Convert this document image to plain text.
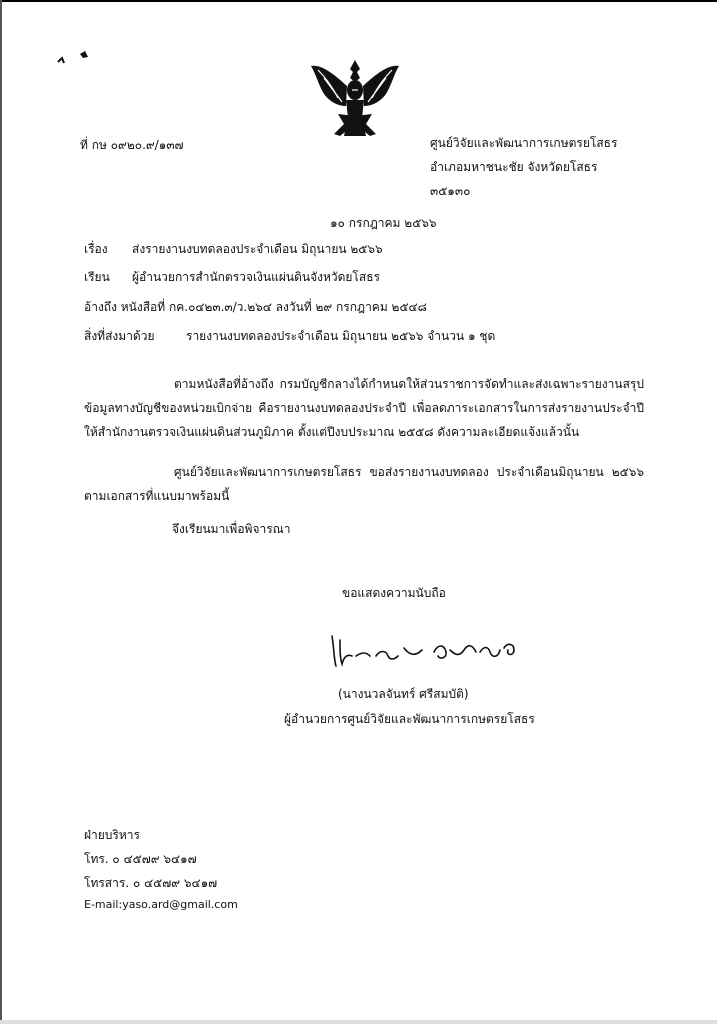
ที่ กษ ๐๙๒๐.๙/๑๓๗	ศูนย์วิจัยและพัฒนาการเกษตรยโสธร
อำเภอมหาชนะชัย จังหวัดยโสธร
๓๕๑๓๐
๑๐ กรกฎาคม ๒๕๖๖
เรื่อง ส่งรายงานงบทดลองประจำเดือน มิถุนายน ๒๕๖๖
เรียน ผู้อำนวยการสำนักตรวจเงินแผ่นดินจังหวัดยโสธร
อ้างถึง หนังสือที่ กค.๐๔๒๓.๓/ว.๒๖๔ ลงวันที่ ๒๙ กรกฎาคม ๒๕๔๘
สิ่งที่ส่งมาด้วย	รายงานงบทดลองประจำเดือน มิถุนายน ๒๕๖๖ จำนวน ๑ ชุด

ตามหนังสือที่อ้างถึง กรมบัญชีกลางได้กำหนดให้ส่วนราชการจัดทำและส่งเฉพาะรายงานสรุปข้อมูลทางบัญชีของหน่วยเบิกจ่าย คือรายงานงบทดลองประจำปี เพื่อลดภาระเอกสารในการส่งรายงานประจำปีให้สำนักงานตรวจเงินแผ่นดินส่วนภูมิภาค ตั้งแต่ปีงบประมาณ ๒๕๕๘ ดังความละเอียดแจ้งแล้วนั้น

ศูนย์วิจัยและพัฒนาการเกษตรยโสธร ขอส่งรายงานงบทดลอง ประจำเดือนมิถุนายน ๒๕๖๖ ตามเอกสารที่แนบมาพร้อมนี้

จึงเรียนมาเพื่อพิจารณา
ขอแสดงความนับถือ
(นางนวลจันทร์ ศรีสมบัติ)
ผู้อำนวยการศูนย์วิจัยและพัฒนาการเกษตรยโสธร
ฝ่ายบริหาร
โทร. ๐ ๔๕๗๙ ๖๔๑๗
โทรสาร. ๐ ๔๕๗๙ ๖๔๑๗
E-mail:yaso.ard@gmail.com
